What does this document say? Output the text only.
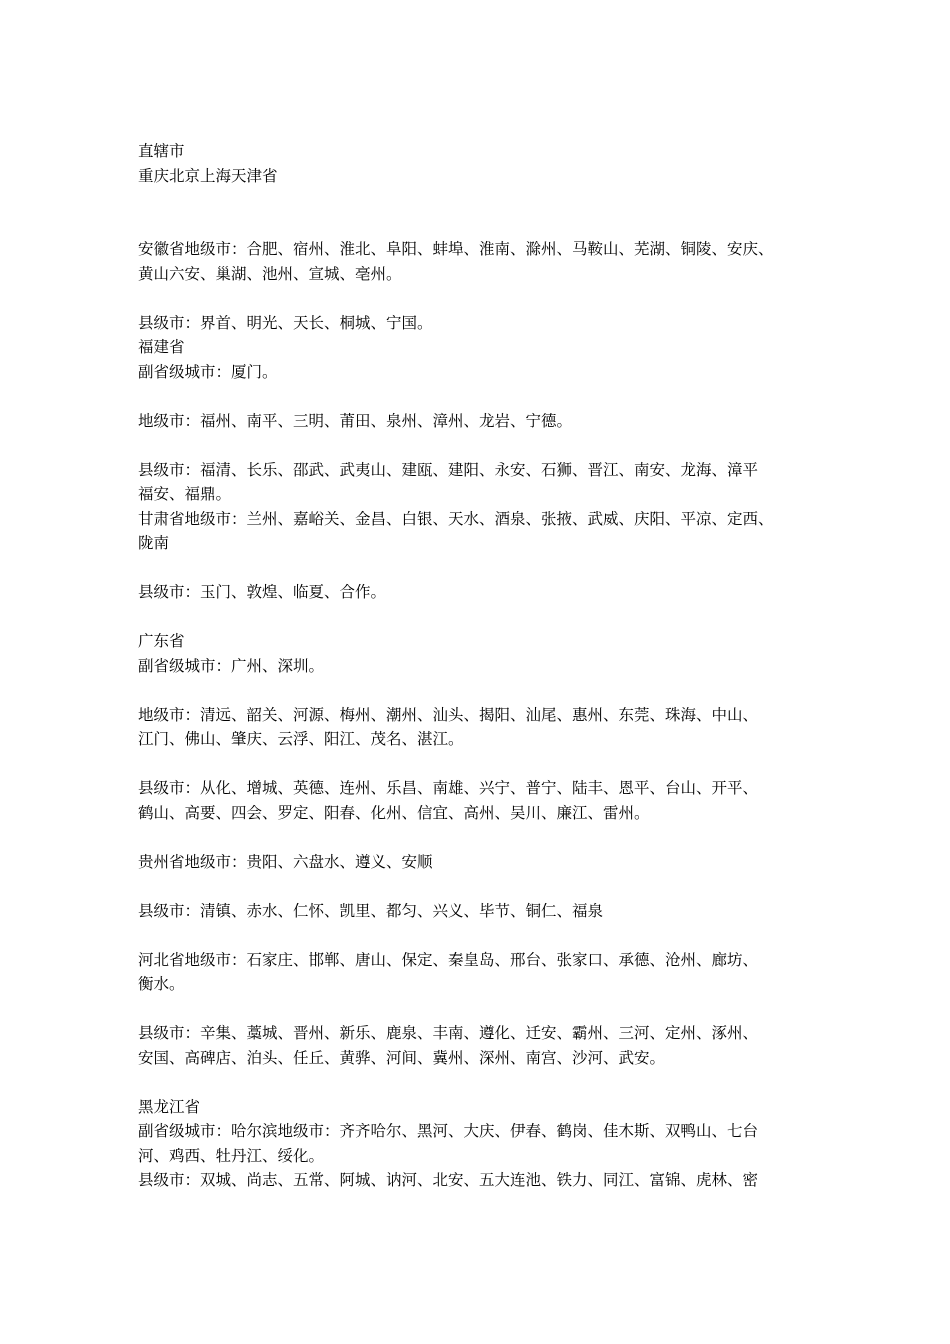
直辖市
重庆北京上海天津省
安徽省地级市：合肥、宿州、淮北、阜阳、蚌埠、淮南、滁州、马鞍山、芜湖、铜陵、安庆、
黄山六安、巢湖、池州、宣城、亳州。
县级市：界首、明光、天长、桐城、宁国。
福建省
副省级城市：厦门。
地级市：福州、南平、三明、莆田、泉州、漳州、龙岩、宁德。
县级市：福清、长乐、邵武、武夷山、建瓯、建阳、永安、石狮、晋江、南安、龙海、漳平
福安、福鼎。
甘肃省地级市：兰州、嘉峪关、金昌、白银、天水、酒泉、张掖、武威、庆阳、平凉、定西、
陇南
县级市：玉门、敦煌、临夏、合作。
广东省
副省级城市：广州、深圳。
地级市：清远、韶关、河源、梅州、潮州、汕头、揭阳、汕尾、惠州、东莞、珠海、中山、
江门、佛山、肇庆、云浮、阳江、茂名、湛江。
县级市：从化、增城、英德、连州、乐昌、南雄、兴宁、普宁、陆丰、恩平、台山、开平、
鹤山、高要、四会、罗定、阳春、化州、信宜、高州、吴川、廉江、雷州。
贵州省地级市：贵阳、六盘水、遵义、安顺
县级市：清镇、赤水、仁怀、凯里、都匀、兴义、毕节、铜仁、福泉
河北省地级市：石家庄、邯郸、唐山、保定、秦皇岛、邢台、张家口、承德、沧州、廊坊、
衡水。
县级市：辛集、藁城、晋州、新乐、鹿泉、丰南、遵化、迁安、霸州、三河、定州、涿州、
安国、高碑店、泊头、任丘、黄骅、河间、冀州、深州、南宫、沙河、武安。
黑龙江省
副省级城市：哈尔滨地级市：齐齐哈尔、黑河、大庆、伊春、鹤岗、佳木斯、双鸭山、七台
河、鸡西、牡丹江、绥化。
县级市：双城、尚志、五常、阿城、讷河、北安、五大连池、铁力、同江、富锦、虎林、密
